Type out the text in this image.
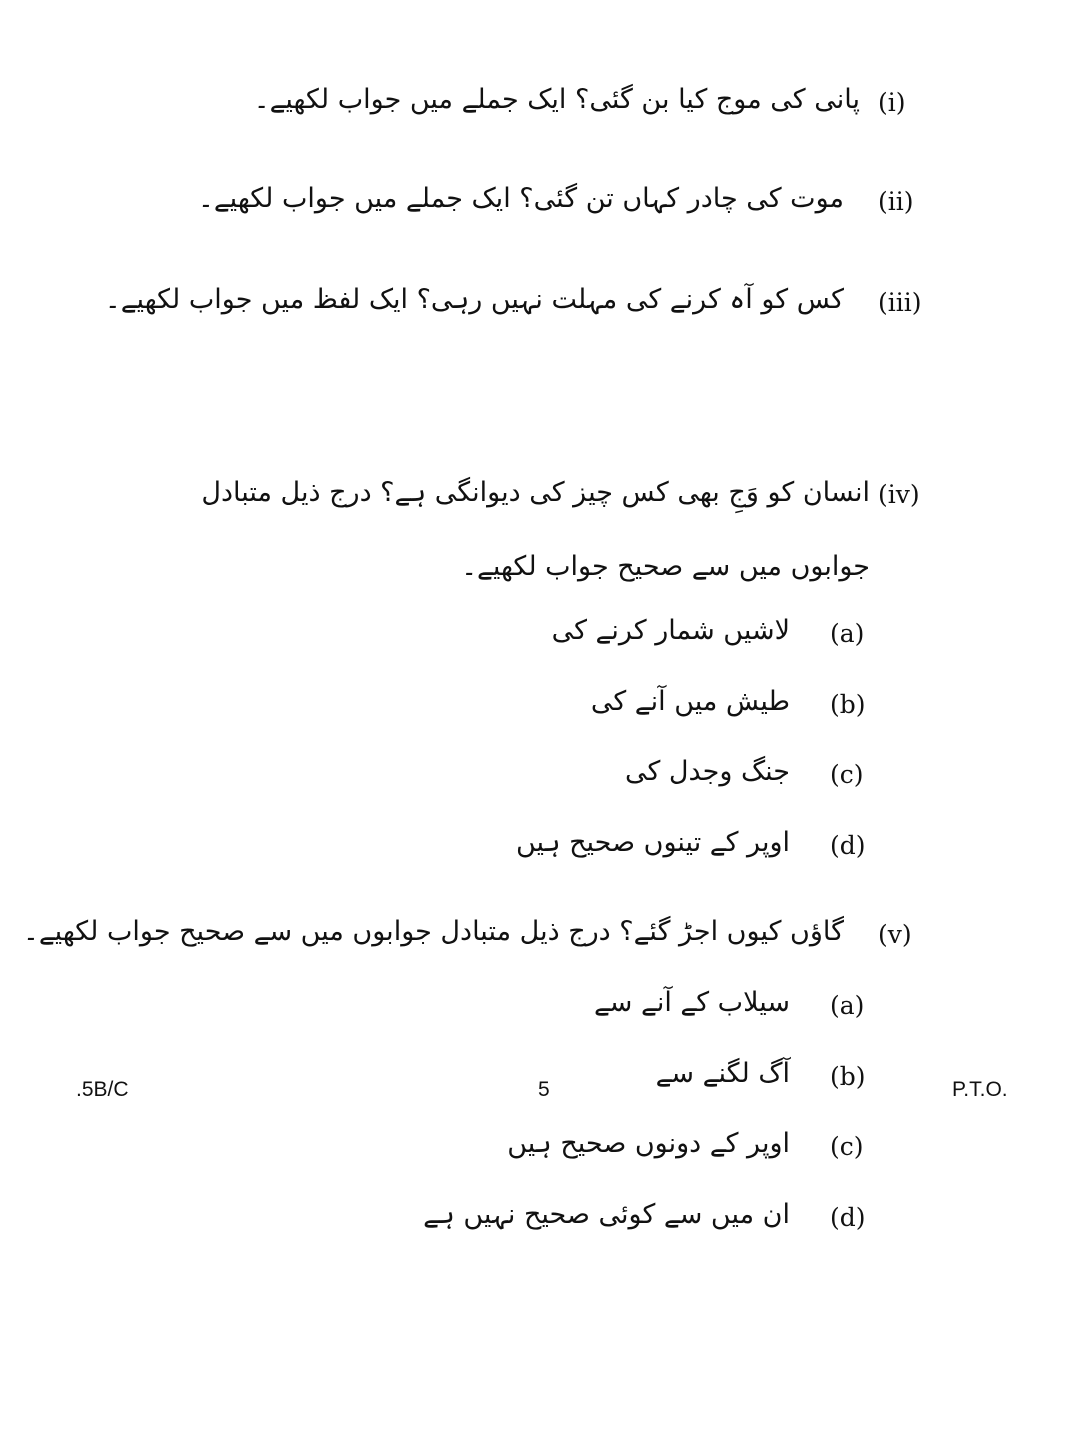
(i)
پانی کی موج کیا بن گئی؟ ایک جملے میں جواب لکھیے۔
(ii)
موت کی چادر کہاں تن گئی؟ ایک جملے میں جواب لکھیے۔
(iii)
کس کو آہ کرنے کی مہلت نہیں رہی؟ ایک لفظ میں جواب لکھیے۔
(iv)
انسان کو وَجِ بھی کس چیز کی دیوانگی ہے؟ درج ذیل متبادل جوابوں میں سے صحیح جواب لکھیے۔
(a)
لاشیں شمار کرنے کی
(b)
طیش میں آنے کی
(c)
جنگ وجدل کی
(d)
اوپر کے تینوں صحیح ہیں
(v)
گاؤں کیوں اجڑ گئے؟ درج ذیل متبادل جوابوں میں سے صحیح جواب لکھیے۔
(a)
سیلاب کے آنے سے
(b)
آگ لگنے سے
(c)
اوپر کے دونوں صحیح ہیں
(d)
ان میں سے کوئی صحیح نہیں ہے
.5B/C	5	P.T.O.
